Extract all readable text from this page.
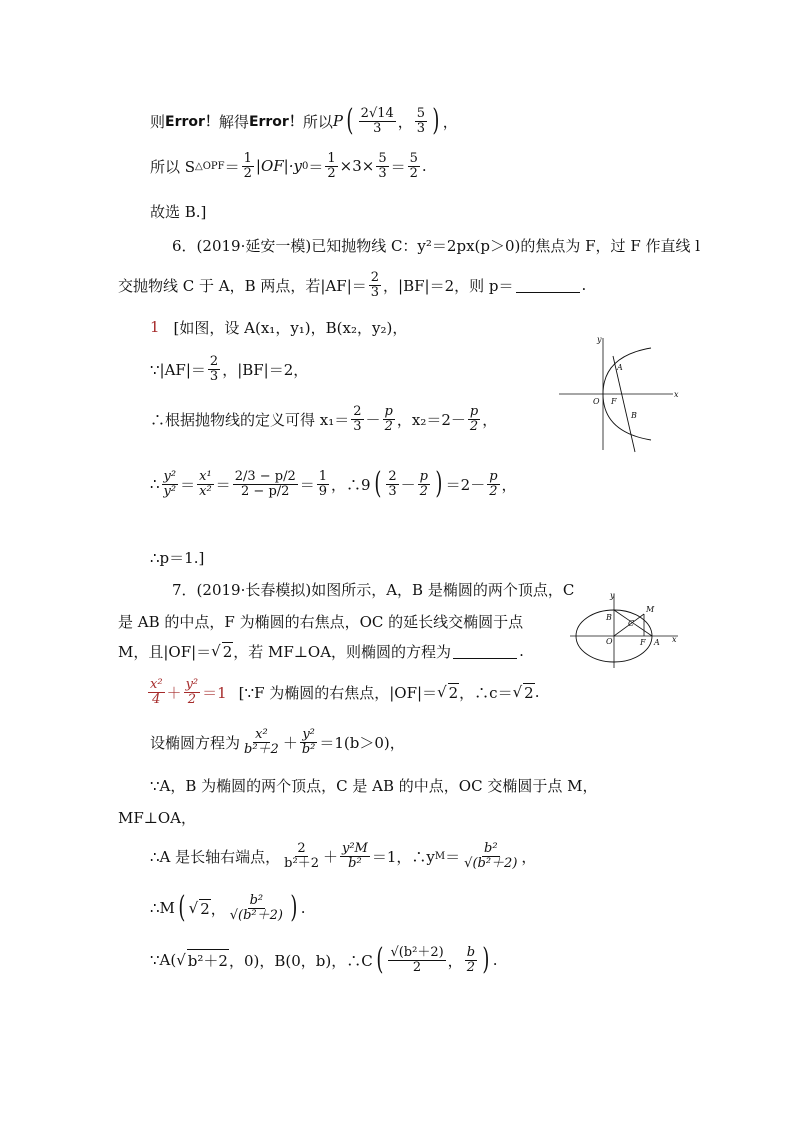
则 Error！ 解得 Error！ 所以 P ( $\frac{2√14}{3}$ ， $\frac{5}{3}$ ) ，
所以 S △OPF ＝ $\frac{1}{2} |OF|\cdot y$ $0 = \frac{1}{2} \times 3\times \frac{5}{3} = \frac{5}{2}$ .
故选 B.]
6．(2019·延安一模)已知抛物线 C：y²＝2px(p＞0)的焦点为 F，过 F 作直线 l
交抛物线 C 于 A，B 两点，若$|AF|= \frac{2}{3}$ ，|BF|＝2，则 p＝	.
1 [如图，设 A(x₁，y₁)，B(x₂，y₂)，
∵|AF|＝ $\frac{2}{3}$ ，|BF|＝2，
∴根据抛物线的定义可得 $x_1= \frac{2}{3} - \frac{p}{2}$ ，$x_2=2- \frac{p}{2}$ ，
∴ $\frac{\text{y²}}{\text{y²}} = \frac{\text{x¹}}{\text{x²}} = \frac{2/3 - p/2}{2 - p/2} = \frac{1}{9}$ ，∴9 ( $\frac{2}{3} - \frac{p}{2}$ ) $=2- \frac{p}{2}$ ，
∴p＝1.]
y
x
O F
A
B
7．(2019·长春模拟)如图所示，A，B 是椭圆的两个顶点，C
是 AB 的中点，F 为椭圆的右焦点，OC 的延长线交椭圆于点
M，且|OF|＝ √ 2 ，若 MF⊥OA，则椭圆的方程为	.
y
x
O
B
C
M
F A
$\frac{\text{x²}}{4} + \frac{\text{y²}}{2} =1$ [∵F 为椭圆的右焦点，|OF|＝ √ 2 ，∴c＝ √ 2 .
设椭圆方程为 $\frac{\text{x²}}{\text{b²＋2}} + \frac{\text{y²}}{\text{b²}} =1(b>0)$，
∵A，B 为椭圆的两个顶点，C 是 AB 的中点，OC 交椭圆于点 M，
MF⊥OA，
∴A 是长轴右端点， $\frac{2}{\text{b²＋2}} + \frac{\text{y²M}}{\text{b²}} =1$，∴y $M = \frac{\text{b²}}{\text{√(b²＋2)}}$ ，
∴M ( √ 2 ， $\frac{\text{b²}}{\text{√(b²＋2)}}$ ) .
∵A( √ b²＋2 ，0)，B(0，b)，∴C ( $\frac{\text{√(b²＋2)}}{2}$ ， $\frac{b}{2}$ ) .
